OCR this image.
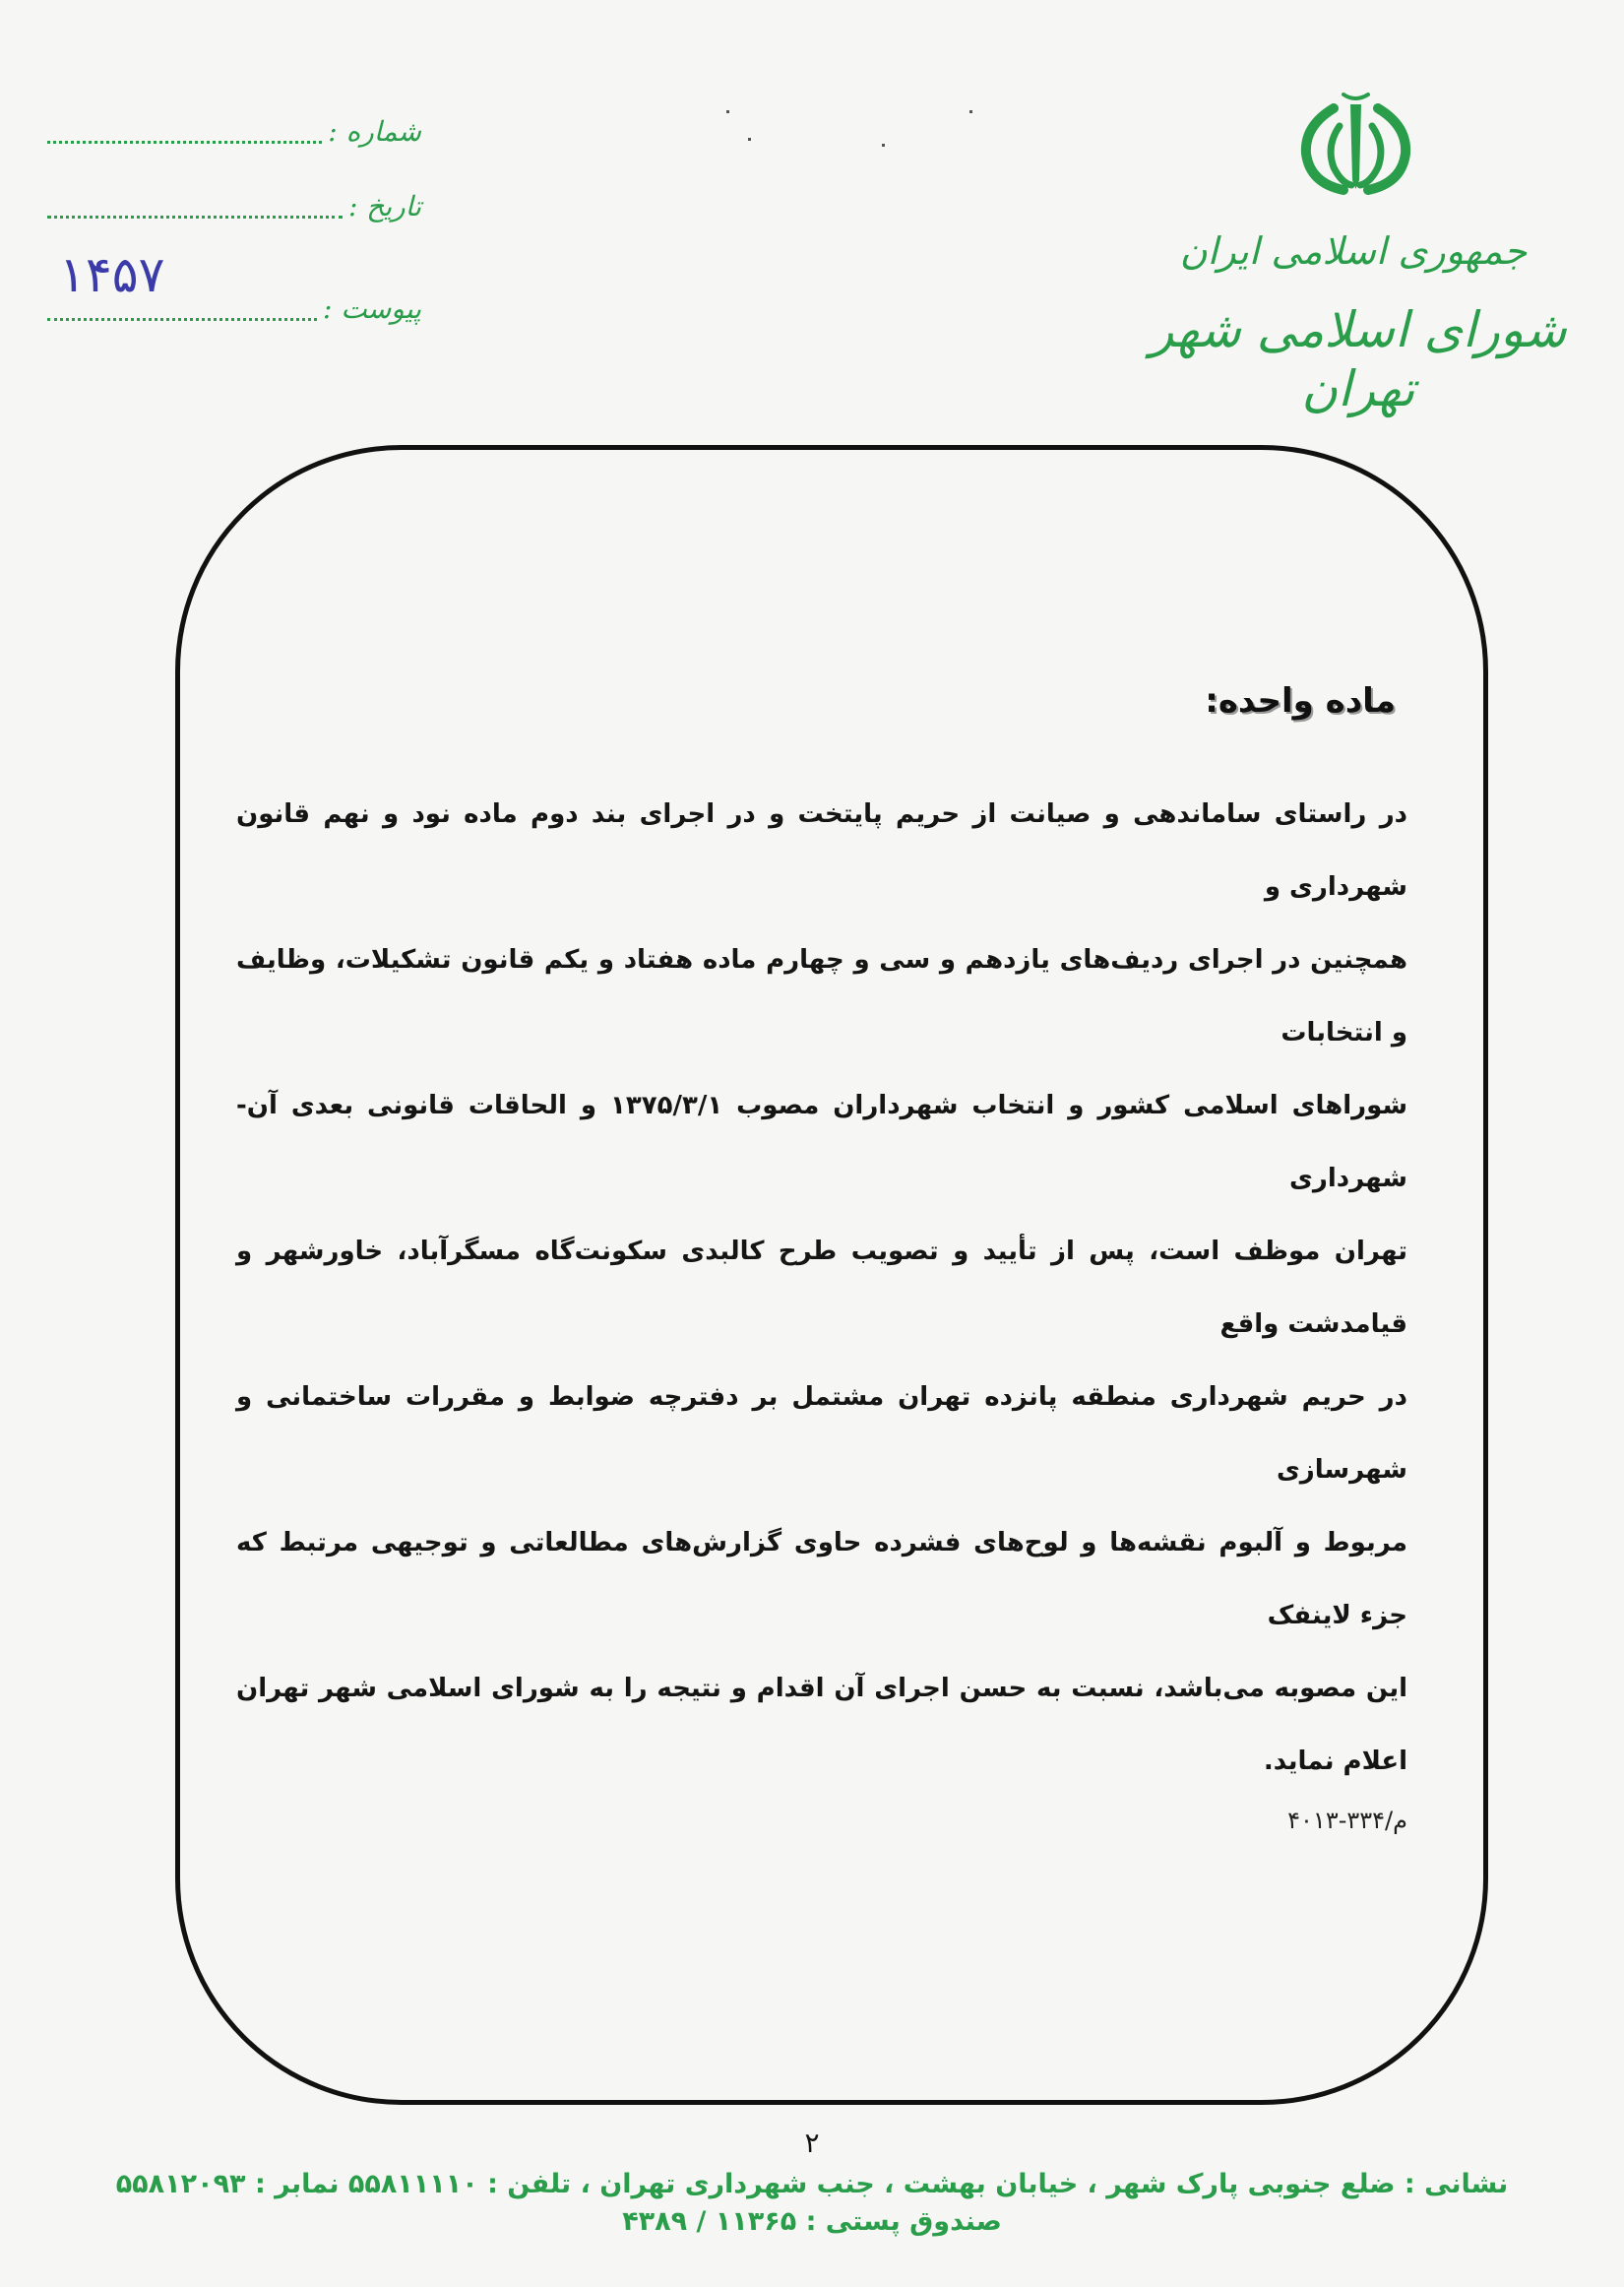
جمهوری اسلامی ایران
شورای اسلامی شهر تهران
شماره :
تاریخ :
پیوست :
۱۴۵۷
ماده واحده:

در راستای ساماندهی و صیانت از حریم پایتخت و در اجرای بند دوم ماده نود و نهم قانون شهرداری و

همچنین در اجرای ردیف‌های یازدهم و سی و چهارم ماده هفتاد و یکم قانون تشکیلات، وظایف و انتخابات

شوراهای اسلامی کشور و انتخاب شهرداران مصوب ۱۳۷۵/۳/۱ و الحاقات قانونی بعدی آن- شهرداری

تهران موظف است، پس از تأیید و تصویب طرح کالبدی سکونت‌گاه مسگرآباد، خاورشهر و قیامدشت واقع

در حریم شهرداری منطقه پانزده تهران مشتمل بر دفترچه ضوابط و مقررات ساختمانی و شهرسازی

مربوط و آلبوم نقشه‌ها و لوح‌های فشرده حاوی گزارش‌های مطالعاتی و توجیهی مرتبط که جزء لاینفک

این مصوبه می‌باشد، نسبت به حسن اجرای آن اقدام و نتیجه را به شورای اسلامی شهر تهران اعلام نماید.

م/۳۳۴-۴۰۱۳
۲
نشانی : ضلع جنوبی پارک شهر ، خیابان بهشت ، جنب شهرداری تهران ، تلفن : ۵۵۸۱۱۱۱۰ نمابر : ۵۵۸۱۲۰۹۳ صندوق پستی : ۱۱۳۶۵ / ۴۳۸۹
